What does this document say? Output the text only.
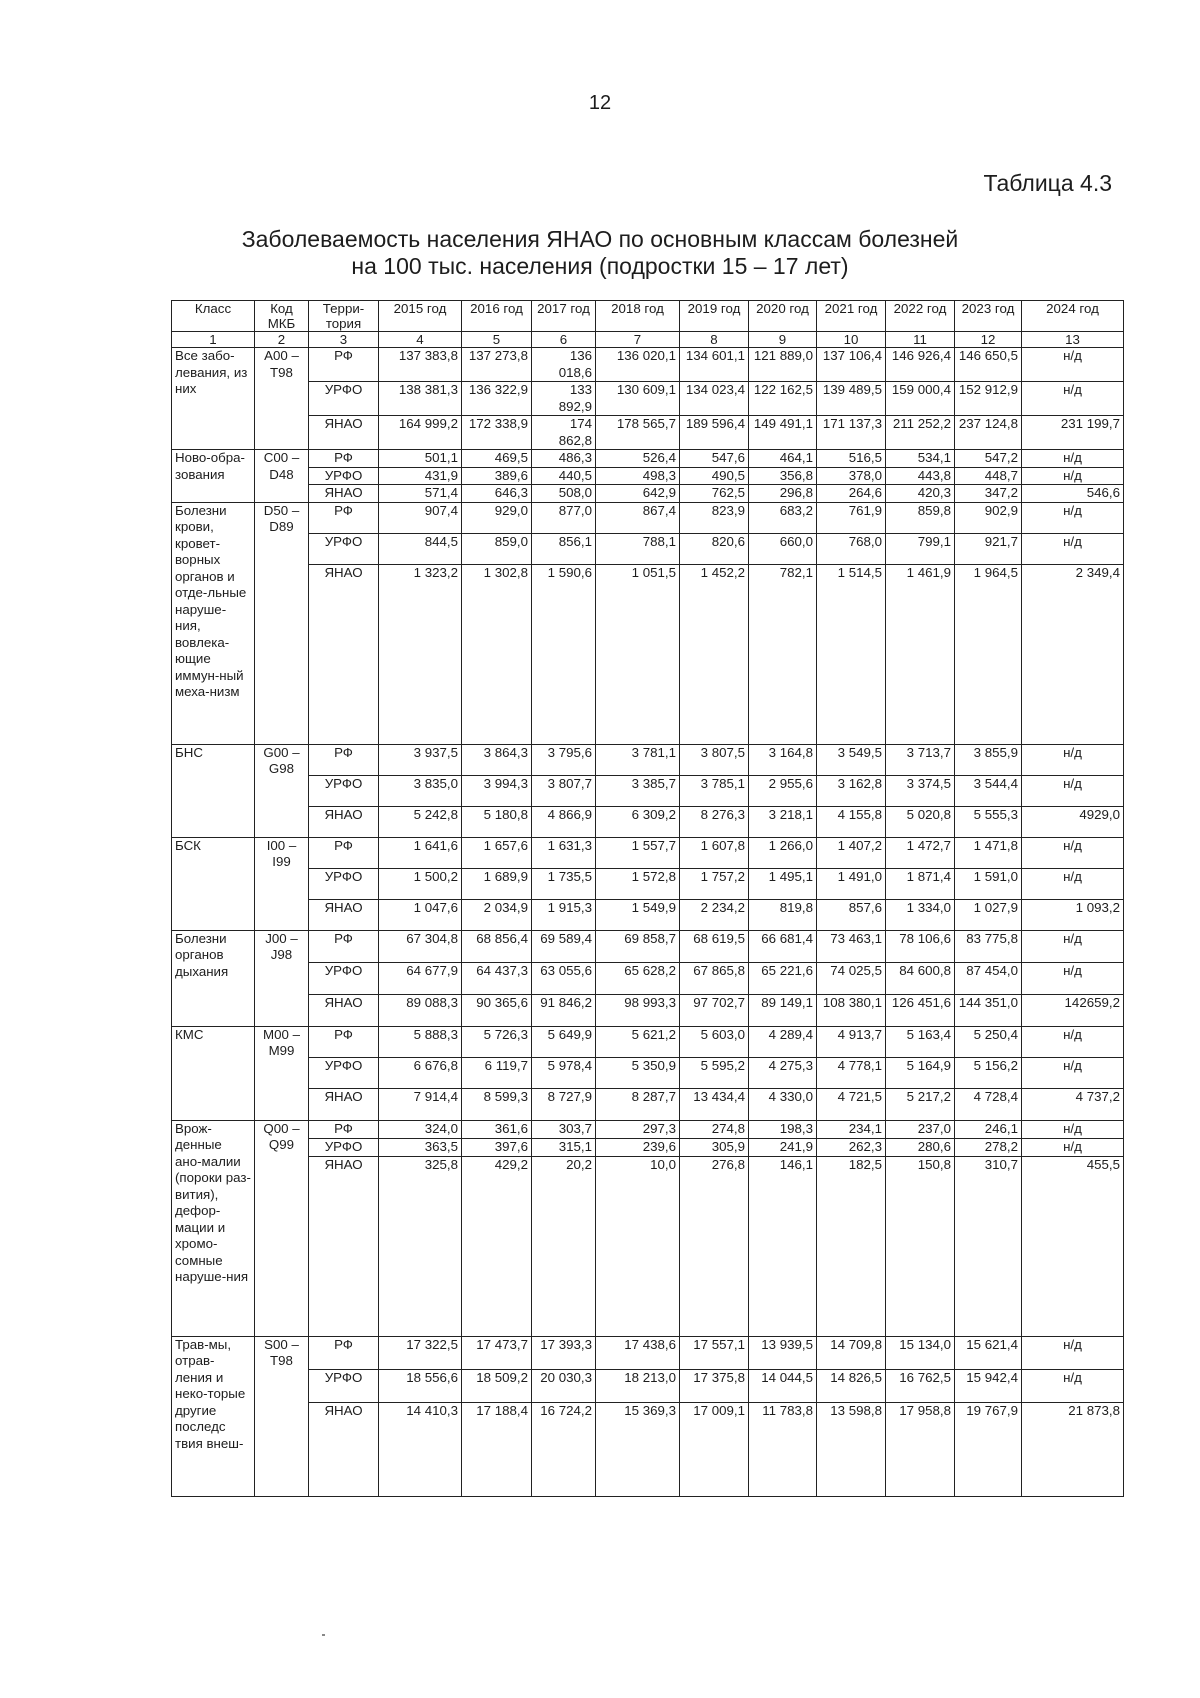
12
Таблица 4.3
Заболеваемость населения ЯНАО по основным классам болезней
на 100 тыс. населения (подростки 15 – 17 лет)
Класс	Код МКБ	Терри-тория	2015 год	2016 год	2017 год	2018 год	2019 год	2020 год	2021 год	2022 год	2023 год	2024 год
1	2	3	4	5	6	7	8	9	10	11	12	13
Все забо-левания, из них	A00 – T98	РФ	137 383,8	137 273,8	136 018,6	136 020,1	134 601,1	121 889,0	137 106,4	146 926,4	146 650,5	н/д
		УРФО	138 381,3	136 322,9	133 892,9	130 609,1	134 023,4	122 162,5	139 489,5	159 000,4	152 912,9	н/д
		ЯНАО	164 999,2	172 338,9	174 862,8	178 565,7	189 596,4	149 491,1	171 137,3	211 252,2	237 124,8	231 199,7
Ново-обра-зования	C00 – D48	РФ	501,1	469,5	486,3	526,4	547,6	464,1	516,5	534,1	547,2	н/д
		УРФО	431,9	389,6	440,5	498,3	490,5	356,8	378,0	443,8	448,7	н/д
		ЯНАО	571,4	646,3	508,0	642,9	762,5	296,8	264,6	420,3	347,2	546,6
Болезни крови, кровет-ворных органов и отде-льные наруше-ния, вовлека-ющие иммун-ный меха-низм	D50 – D89	РФ	907,4	929,0	877,0	867,4	823,9	683,2	761,9	859,8	902,9	н/д
		УРФО	844,5	859,0	856,1	788,1	820,6	660,0	768,0	799,1	921,7	н/д
		ЯНАО	1 323,2	1 302,8	1 590,6	1 051,5	1 452,2	782,1	1 514,5	1 461,9	1 964,5	2 349,4
БНС	G00 – G98	РФ	3 937,5	3 864,3	3 795,6	3 781,1	3 807,5	3 164,8	3 549,5	3 713,7	3 855,9	н/д
		УРФО	3 835,0	3 994,3	3 807,7	3 385,7	3 785,1	2 955,6	3 162,8	3 374,5	3 544,4	н/д
		ЯНАО	5 242,8	5 180,8	4 866,9	6 309,2	8 276,3	3 218,1	4 155,8	5 020,8	5 555,3	4929,0
БСК	I00 – I99	РФ	1 641,6	1 657,6	1 631,3	1 557,7	1 607,8	1 266,0	1 407,2	1 472,7	1 471,8	н/д
		УРФО	1 500,2	1 689,9	1 735,5	1 572,8	1 757,2	1 495,1	1 491,0	1 871,4	1 591,0	н/д
		ЯНАО	1 047,6	2 034,9	1 915,3	1 549,9	2 234,2	819,8	857,6	1 334,0	1 027,9	1 093,2
Болезни органов дыхания	J00 – J98	РФ	67 304,8	68 856,4	69 589,4	69 858,7	68 619,5	66 681,4	73 463,1	78 106,6	83 775,8	н/д
		УРФО	64 677,9	64 437,3	63 055,6	65 628,2	67 865,8	65 221,6	74 025,5	84 600,8	87 454,0	н/д
		ЯНАО	89 088,3	90 365,6	91 846,2	98 993,3	97 702,7	89 149,1	108 380,1	126 451,6	144 351,0	142659,2
КМС	M00 – M99	РФ	5 888,3	5 726,3	5 649,9	5 621,2	5 603,0	4 289,4	4 913,7	5 163,4	5 250,4	н/д
		УРФО	6 676,8	6 119,7	5 978,4	5 350,9	5 595,2	4 275,3	4 778,1	5 164,9	5 156,2	н/д
		ЯНАО	7 914,4	8 599,3	8 727,9	8 287,7	13 434,4	4 330,0	4 721,5	5 217,2	4 728,4	4 737,2
Врож-денные ано-малии (пороки раз-вития), дефор-мации и хромо-сомные наруше-ния	Q00 – Q99	РФ	324,0	361,6	303,7	297,3	274,8	198,3	234,1	237,0	246,1	н/д
		УРФО	363,5	397,6	315,1	239,6	305,9	241,9	262,3	280,6	278,2	н/д
		ЯНАО	325,8	429,2	20,2	10,0	276,8	146,1	182,5	150,8	310,7	455,5
Трав-мы, отрав-ления и неко-торые другие последс твия внеш-	S00 – T98	РФ	17 322,5	17 473,7	17 393,3	17 438,6	17 557,1	13 939,5	14 709,8	15 134,0	15 621,4	н/д
		УРФО	18 556,6	18 509,2	20 030,3	18 213,0	17 375,8	14 044,5	14 826,5	16 762,5	15 942,4	н/д
		ЯНАО	14 410,3	17 188,4	16 724,2	15 369,3	17 009,1	11 783,8	13 598,8	17 958,8	19 767,9	21 873,8
